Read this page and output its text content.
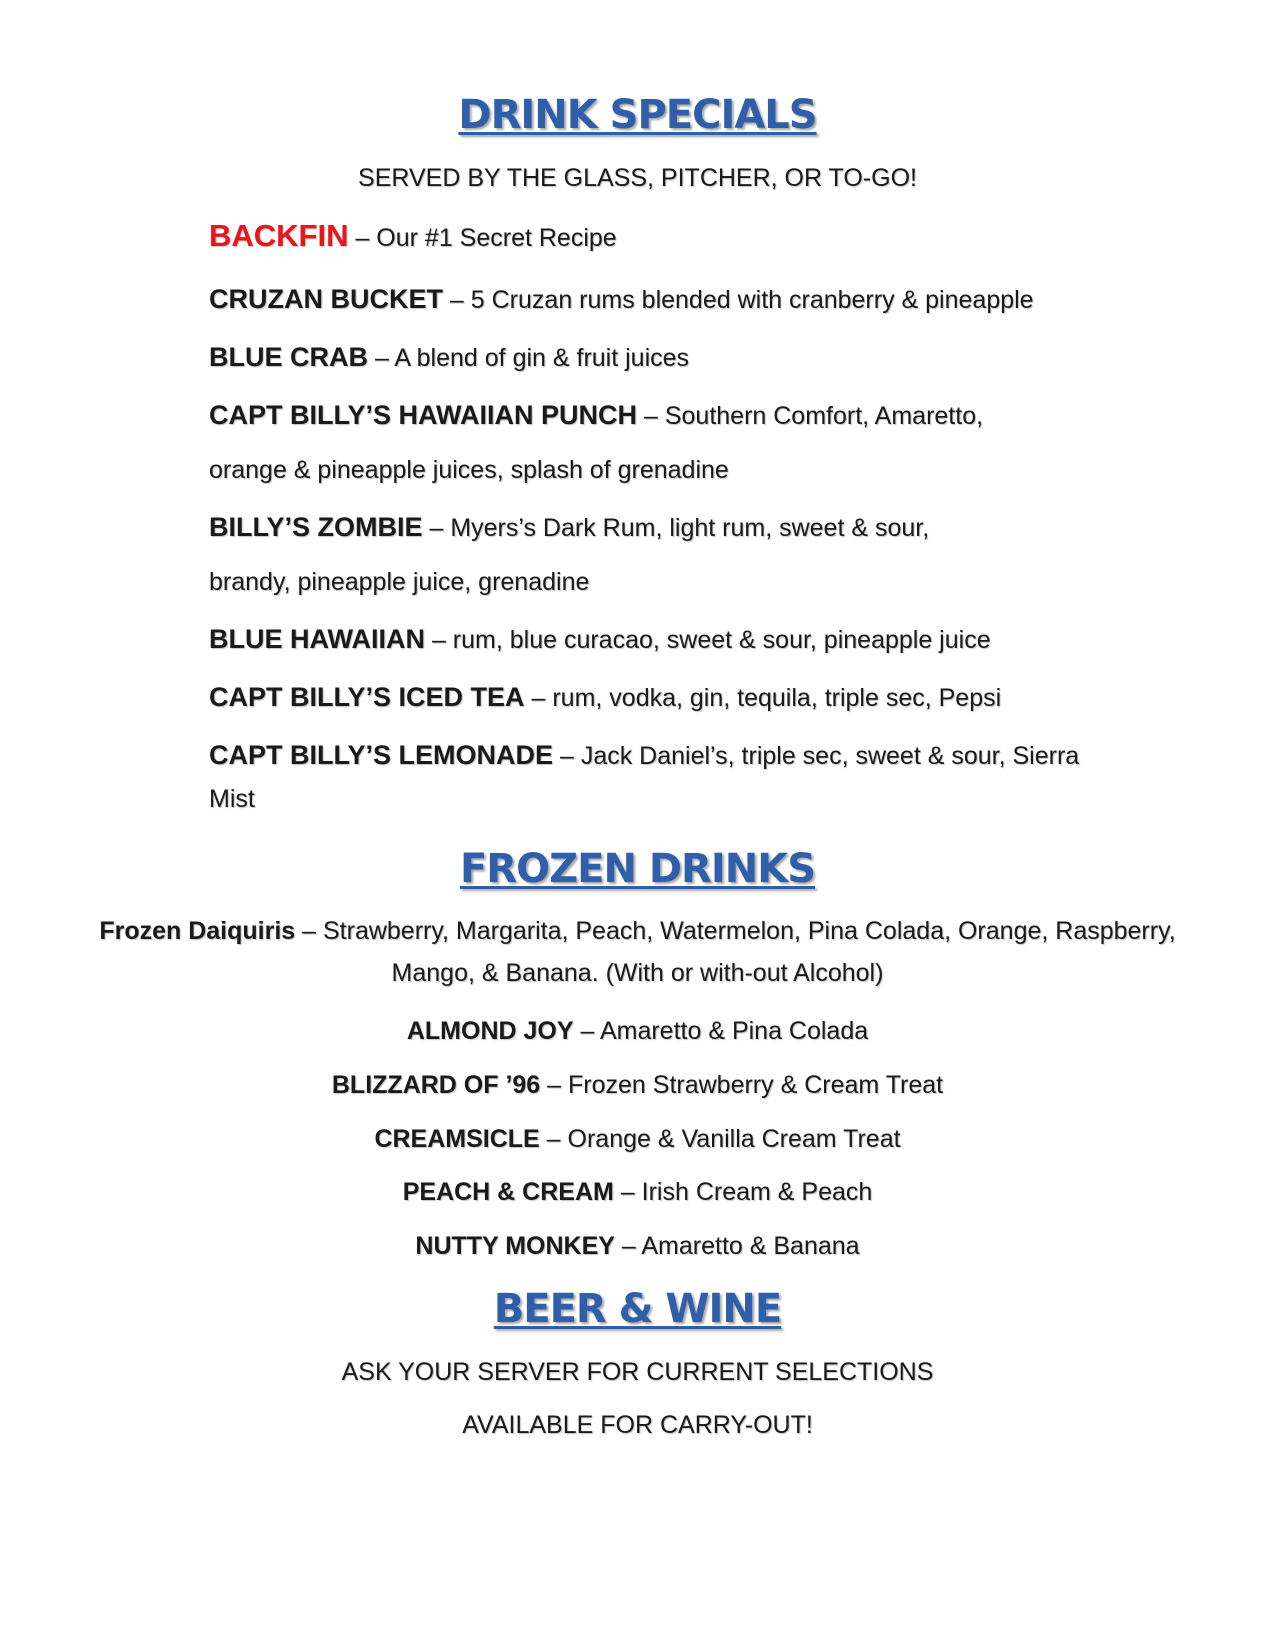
DRINK SPECIALS
SERVED BY THE GLASS, PITCHER, OR TO-GO!
BACKFIN – Our #1 Secret Recipe
CRUZAN BUCKET – 5 Cruzan rums blended with cranberry & pineapple
BLUE CRAB – A blend of gin & fruit juices
CAPT BILLY’S HAWAIIAN PUNCH – Southern Comfort, Amaretto,
orange & pineapple juices, splash of grenadine
BILLY’S ZOMBIE – Myers’s Dark Rum, light rum, sweet & sour,
brandy, pineapple juice, grenadine
BLUE HAWAIIAN – rum, blue curacao, sweet & sour, pineapple juice
CAPT BILLY’S ICED TEA – rum, vodka, gin, tequila, triple sec, Pepsi
CAPT BILLY’S LEMONADE – Jack Daniel’s, triple sec, sweet & sour, Sierra
Mist
FROZEN DRINKS
Frozen Daiquiris – Strawberry, Margarita, Peach, Watermelon, Pina Colada, Orange, Raspberry,
Mango, & Banana. (With or with-out Alcohol)
ALMOND JOY – Amaretto & Pina Colada
BLIZZARD OF ’96 – Frozen Strawberry & Cream Treat
CREAMSICLE – Orange & Vanilla Cream Treat
PEACH & CREAM – Irish Cream & Peach
NUTTY MONKEY – Amaretto & Banana
BEER & WINE
ASK YOUR SERVER FOR CURRENT SELECTIONS
AVAILABLE FOR CARRY-OUT!
